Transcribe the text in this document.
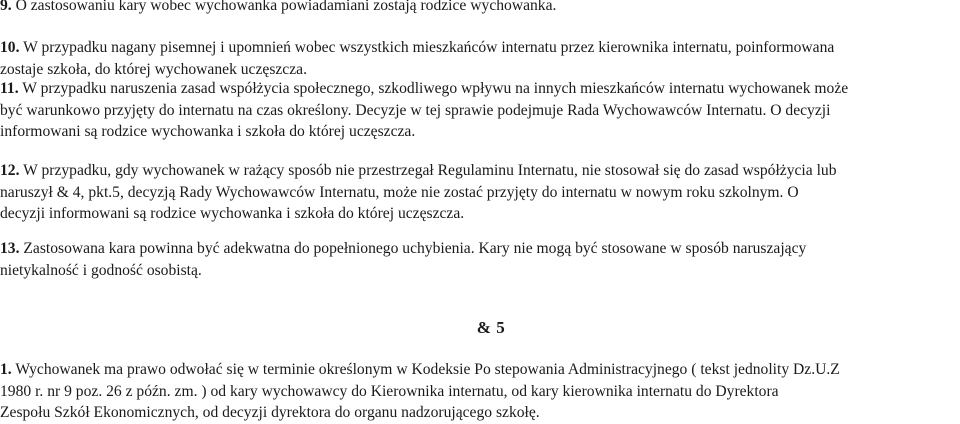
9. O zastosowaniu kary wobec wychowanka powiadamiani zostają rodzice wychowanka.

10. W przypadku nagany pisemnej i upomnień wobec wszystkich mieszkańców internatu przez kierownika internatu, poinformowana
zostaje szkoła, do której wychowanek uczęszcza.

11. W przypadku naruszenia zasad współżycia społecznego, szkodliwego wpływu na innych mieszkańców internatu wychowanek może
być warunkowo przyjęty do internatu na czas określony. Decyzje w tej sprawie podejmuje Rada Wychowawców Internatu. O decyzji
informowani są rodzice wychowanka i szkoła do której uczęszcza.

12. W przypadku, gdy wychowanek w rażący sposób nie przestrzegał Regulaminu Internatu, nie stosował się do zasad współżycia lub
naruszył & 4, pkt.5, decyzją Rady Wychowawców Internatu, może nie zostać przyjęty do internatu w nowym roku szkolnym. O
decyzji informowani są rodzice wychowanka i szkoła do której uczęszcza.

13. Zastosowana kara powinna być adekwatna do popełnionego uchybienia. Kary nie mogą być stosowane w sposób naruszający
nietykalność i godność osobistą.

& 5

1. Wychowanek ma prawo odwołać się w terminie określonym w Kodeksie Po stepowania Administracyjnego ( tekst jednolity Dz.U.Z
1980 r. nr 9 poz. 26 z późn. zm. ) od kary wychowawcy do Kierownika internatu, od kary kierownika internatu do Dyrektora
Zespołu Szkół Ekonomicznych, od decyzji dyrektora do organu nadzorującego szkołę.
